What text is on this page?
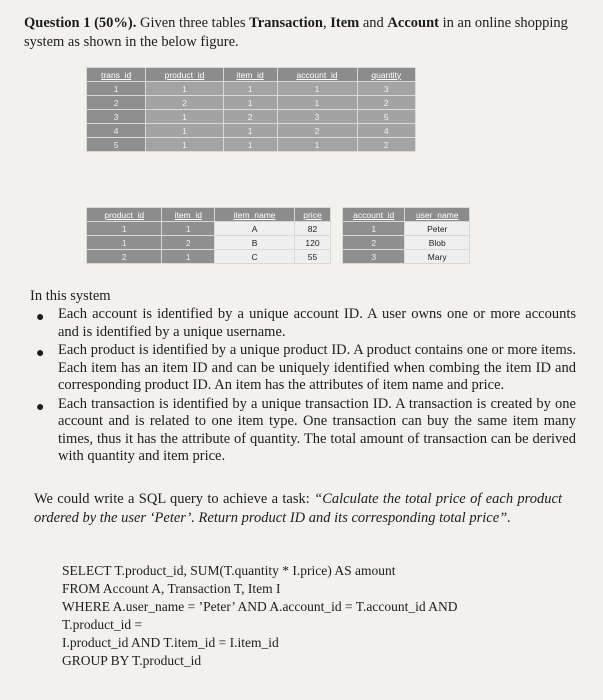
Question 1 (50%). Given three tables Transaction, Item and Account in an online shopping system as shown in the below figure.
trans_id	product_id	item_id	account_id	quantity
1	1	1	1	3
2	2	1	1	2
3	1	2	3	5
4	1	1	2	4
5	1	1	1	2
product_id	item_id	item_name	price
1	1	A	82
1	2	B	120
2	1	C	55
account_id	user_name
1	Peter
2	Blob
3	Mary
In this system
● Each account is identified by a unique account ID. A user owns one or more accounts and is identified by a unique username.
● Each product is identified by a unique product ID. A product contains one or more items. Each item has an item ID and can be uniquely identified when combing the item ID and corresponding product ID. An item has the attributes of item name and price.
● Each transaction is identified by a unique transaction ID. A transaction is created by one account and is related to one item type. One transaction can buy the same item many times, thus it has the attribute of quantity. The total amount of transaction can be derived with quantity and item price.
We could write a SQL query to achieve a task: “Calculate the total price of each product ordered by the user ‘Peter’. Return product ID and its corresponding total price”.
SELECT T.product_id, SUM(T.quantity * I.price) AS amount
FROM Account A, Transaction T, Item I
WHERE A.user_name = ’Peter’ AND A.account_id = T.account_id AND
T.product_id =
I.product_id AND T.item_id = I.item_id
GROUP BY T.product_id
